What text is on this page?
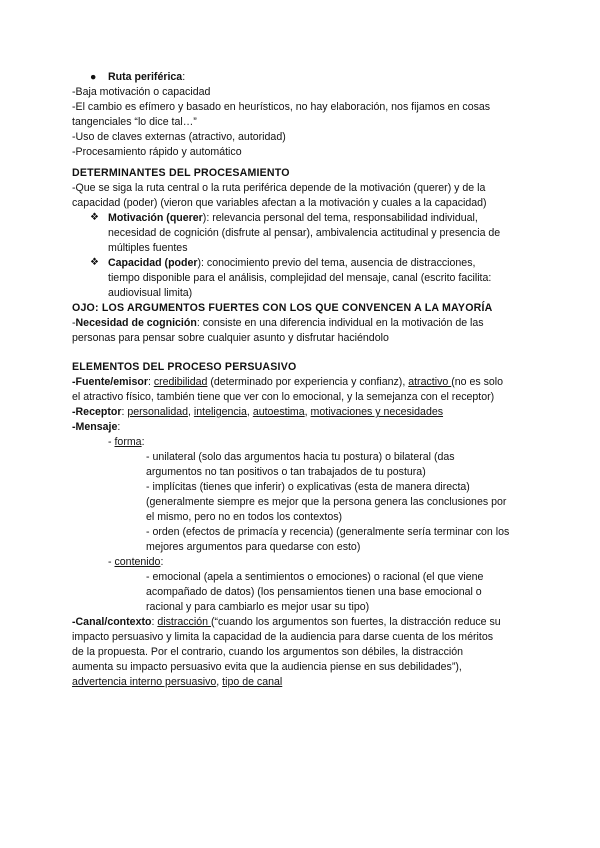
● Ruta periférica:
-Baja motivación o capacidad
-El cambio es efímero y basado en heurísticos, no hay elaboración, nos fijamos en cosas
tangenciales “lo dice tal…”
-Uso de claves externas (atractivo, autoridad)
-Procesamiento rápido y automático
DETERMINANTES DEL PROCESAMIENTO
-Que se siga la ruta central o la ruta periférica depende de la motivación (querer) y de la
capacidad (poder) (vieron que variables afectan a la motivación y cuales a la capacidad)
❖ Motivación (querer): relevancia personal del tema, responsabilidad individual,
necesidad de cognición (disfrute al pensar), ambivalencia actitudinal y presencia de
múltiples fuentes
❖ Capacidad (poder): conocimiento previo del tema, ausencia de distracciones,
tiempo disponible para el análisis, complejidad del mensaje, canal (escrito facilita:
audiovisual limita)
OJO: LOS ARGUMENTOS FUERTES CON LOS QUE CONVENCEN A LA MAYORÍA
-Necesidad de cognición: consiste en una diferencia individual en la motivación de las
personas para pensar sobre cualquier asunto y disfrutar haciéndolo
ELEMENTOS DEL PROCESO PERSUASIVO
-Fuente/emisor: credibilidad (determinado por experiencia y confianz), atractivo (no es solo
el atractivo físico, también tiene que ver con lo emocional, y la semejanza con el receptor)
-Receptor: personalidad, inteligencia, autoestima, motivaciones y necesidades
-Mensaje:
- forma:
- unilateral (solo das argumentos hacia tu postura) o bilateral (das
argumentos no tan positivos o tan trabajados de tu postura)
- implícitas (tienes que inferir) o explicativas (esta de manera directa)
(generalmente siempre es mejor que la persona genera las conclusiones por
el mismo, pero no en todos los contextos)
- orden (efectos de primacía y recencia) (generalmente sería terminar con los
mejores argumentos para quedarse con esto)
- contenido:
- emocional (apela a sentimientos o emociones) o racional (el que viene
acompañado de datos) (los pensamientos tienen una base emocional o
racional y para cambiarlo es mejor usar su tipo)
-Canal/contexto: distracción (“cuando los argumentos son fuertes, la distracción reduce su
impacto persuasivo y limita la capacidad de la audiencia para darse cuenta de los méritos
de la propuesta. Por el contrario, cuando los argumentos son débiles, la distracción
aumenta su impacto persuasivo evita que la audiencia piense en sus debilidades”),
advertencia interno persuasivo, tipo de canal
